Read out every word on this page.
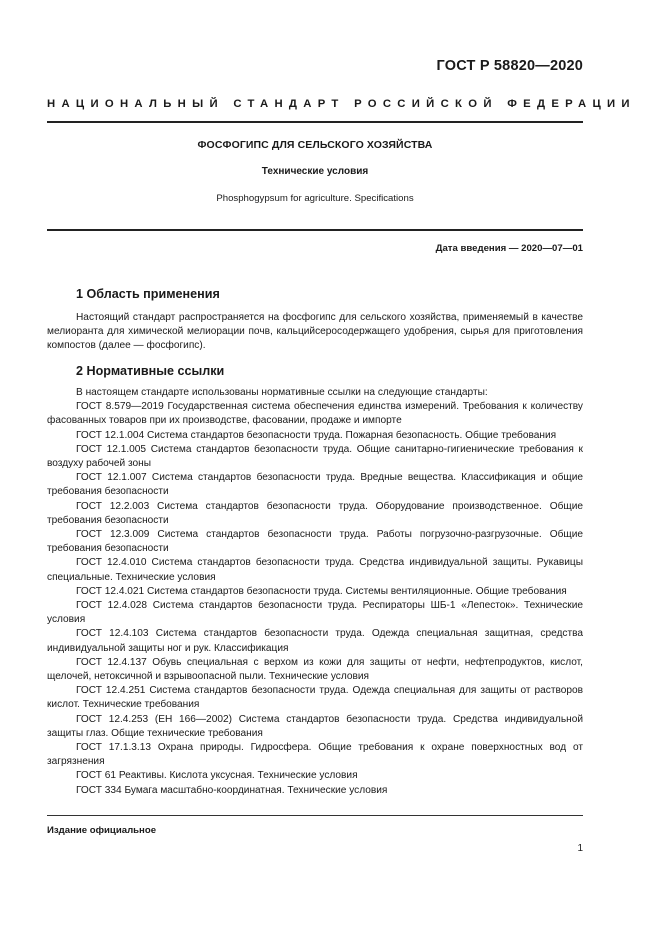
ГОСТ Р 58820—2020
НАЦИОНАЛЬНЫЙ СТАНДАРТ РОССИЙСКОЙ ФЕДЕРАЦИИ
ФОСФОГИПС ДЛЯ СЕЛЬСКОГО ХОЗЯЙСТВА
Технические условия
Phosphogypsum for agriculture. Specifications
Дата введения — 2020—07—01
1 Область применения

Настоящий стандарт распространяется на фосфогипс для сельского хозяйства, применяемый в качестве мелиоранта для химической мелиорации почв, кальцийсеросодержащего удобрения, сырья для приготовления компостов (далее — фосфогипс).

2 Нормативные ссылки

В настоящем стандарте использованы нормативные ссылки на следующие стандарты:

ГОСТ 8.579—2019 Государственная система обеспечения единства измерений. Требования к количеству фасованных товаров при их производстве, фасовании, продаже и импорте

ГОСТ 12.1.004 Система стандартов безопасности труда. Пожарная безопасность. Общие требования

ГОСТ 12.1.005 Система стандартов безопасности труда. Общие санитарно-гигиенические требования к воздуху рабочей зоны

ГОСТ 12.1.007 Система стандартов безопасности труда. Вредные вещества. Классификация и общие требования безопасности

ГОСТ 12.2.003 Система стандартов безопасности труда. Оборудование производственное. Общие требования безопасности

ГОСТ 12.3.009 Система стандартов безопасности труда. Работы погрузочно-разгрузочные. Общие требования безопасности

ГОСТ 12.4.010 Система стандартов безопасности труда. Средства индивидуальной защиты. Рукавицы специальные. Технические условия

ГОСТ 12.4.021 Система стандартов безопасности труда. Системы вентиляционные. Общие требования

ГОСТ 12.4.028 Система стандартов безопасности труда. Респираторы ШБ-1 «Лепесток». Технические условия

ГОСТ 12.4.103 Система стандартов безопасности труда. Одежда специальная защитная, средства индивидуальной защиты ног и рук. Классификация

ГОСТ 12.4.137 Обувь специальная с верхом из кожи для защиты от нефти, нефтепродуктов, кислот, щелочей, нетоксичной и взрывоопасной пыли. Технические условия

ГОСТ 12.4.251 Система стандартов безопасности труда. Одежда специальная для защиты от растворов кислот. Технические требования

ГОСТ 12.4.253 (ЕН 166—2002) Система стандартов безопасности труда. Средства индивидуальной защиты глаз. Общие технические требования

ГОСТ 17.1.3.13 Охрана природы. Гидросфера. Общие требования к охране поверхностных вод от загрязнения

ГОСТ 61 Реактивы. Кислота уксусная. Технические условия

ГОСТ 334 Бумага масштабно-координатная. Технические условия

Издание официальное
1
